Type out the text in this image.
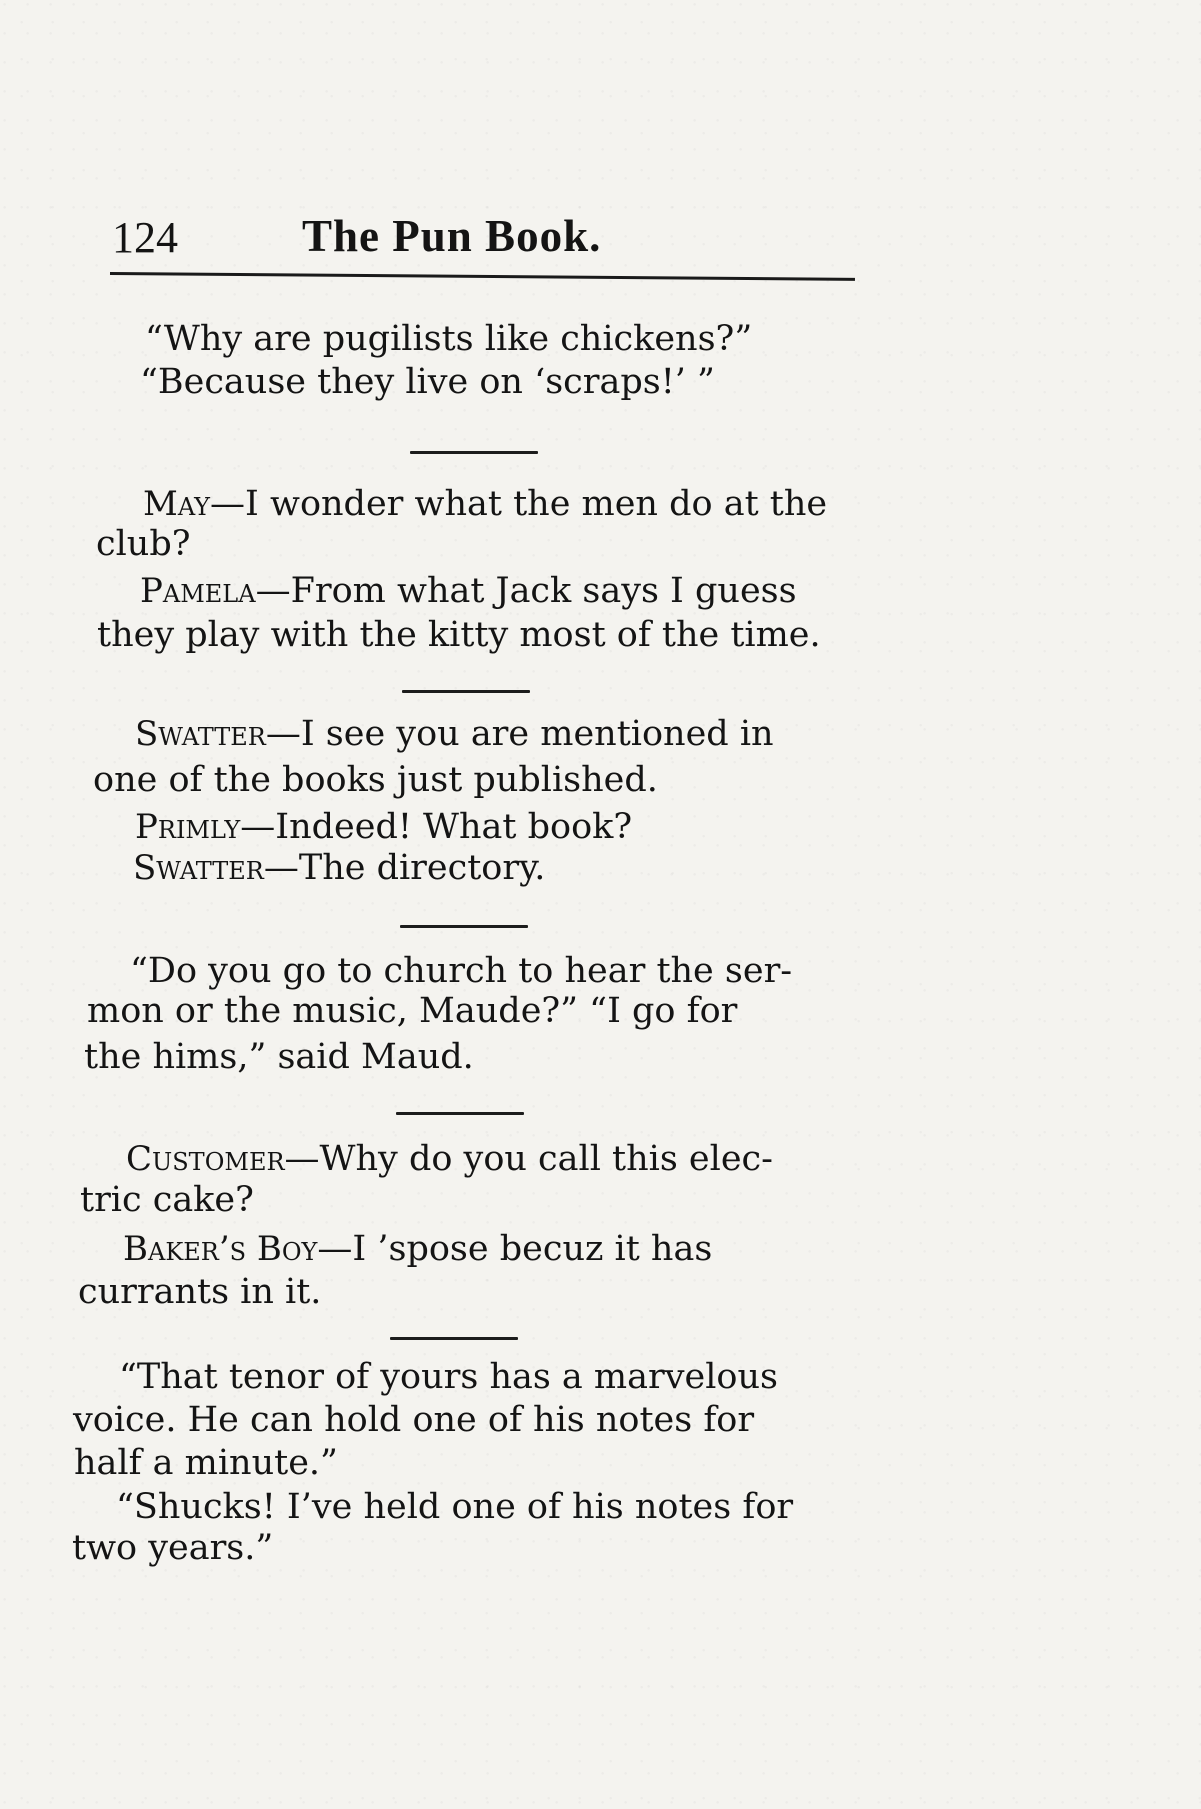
124	The Pun Book.
“Why are pugilists like chickens?”
“Because they live on ‘scraps!’ ”
May—I wonder what the men do at the
club?
Pamela—From what Jack says I guess
they play with the kitty most of the time.
Swatter—I see you are mentioned in
one of the books just published.
Primly—Indeed! What book?
Swatter—The directory.
“Do you go to church to hear the ser-
mon or the music, Maude?” “I go for
the hims,” said Maud.
Customer—Why do you call this elec-
tric cake?
Baker’s Boy—I ’spose becuz it has
currants in it.
“That tenor of yours has a marvelous
voice. He can hold one of his notes for
half a minute.”
“Shucks! I’ve held one of his notes for
two years.”
